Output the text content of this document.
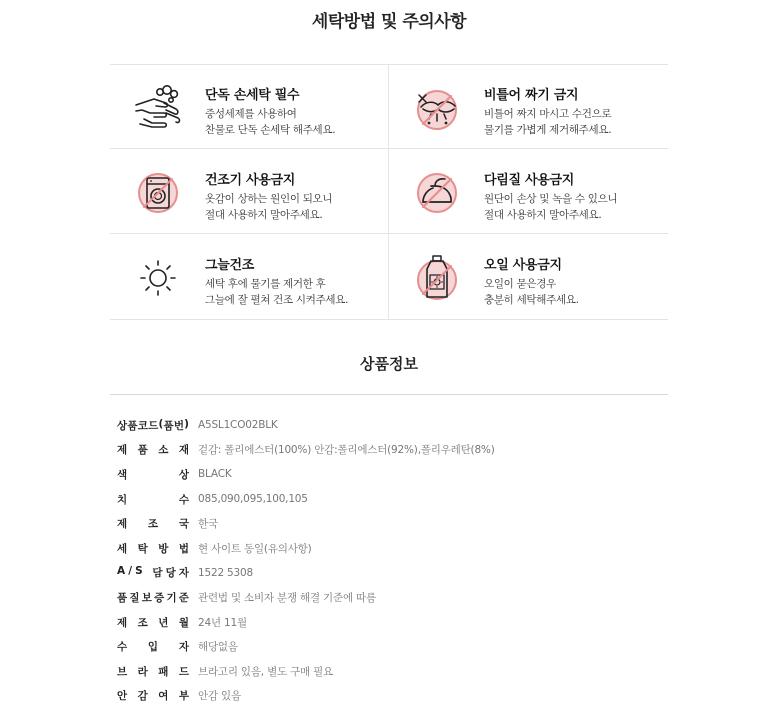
세탁방법 및 주의사항
단독 손세탁 필수
중성세제를 사용하여
찬물로 단독 손세탁 해주세요.
비틀어 짜기 금지
비틀어 짜지 마시고 수건으로
물기를 가볍게 제거해주세요.
건조기 사용금지
옷감이 상하는 원인이 되오니
절대 사용하지 말아주세요.
다림질 사용금지
원단이 손상 및 녹을 수 있으니
절대 사용하지 말아주세요.
그늘건조
세탁 후에 물기를 제거한 후
그늘에 잘 펼쳐 건조 시켜주세요.
오일 사용금지
오일이 묻은경우
충분히 세탁해주세요.
상품정보
상 품 코 드 ( 품 번 ) A5SL1CO02BLK
제 품 소 재 겉감: 폴리에스터(100%) 안감:폴리에스터(92%),폴리우레탄(8%)
색	상 BLACK
치	수 085,090,095,100,105
제 조 국 한국
세 탁 방 법 현 사이트 동일(유의사항)
A / S
담 당 자 1522 5308
품 질 보 증 기 준 관련법 및 소비자 분쟁 해결 기준에 따름
제 조 년 월 24년 11월
수 입 자 해당없음
브 라 패 드 브라고리 있음, 별도 구매 필요
안 감 여 부 안감 있음
